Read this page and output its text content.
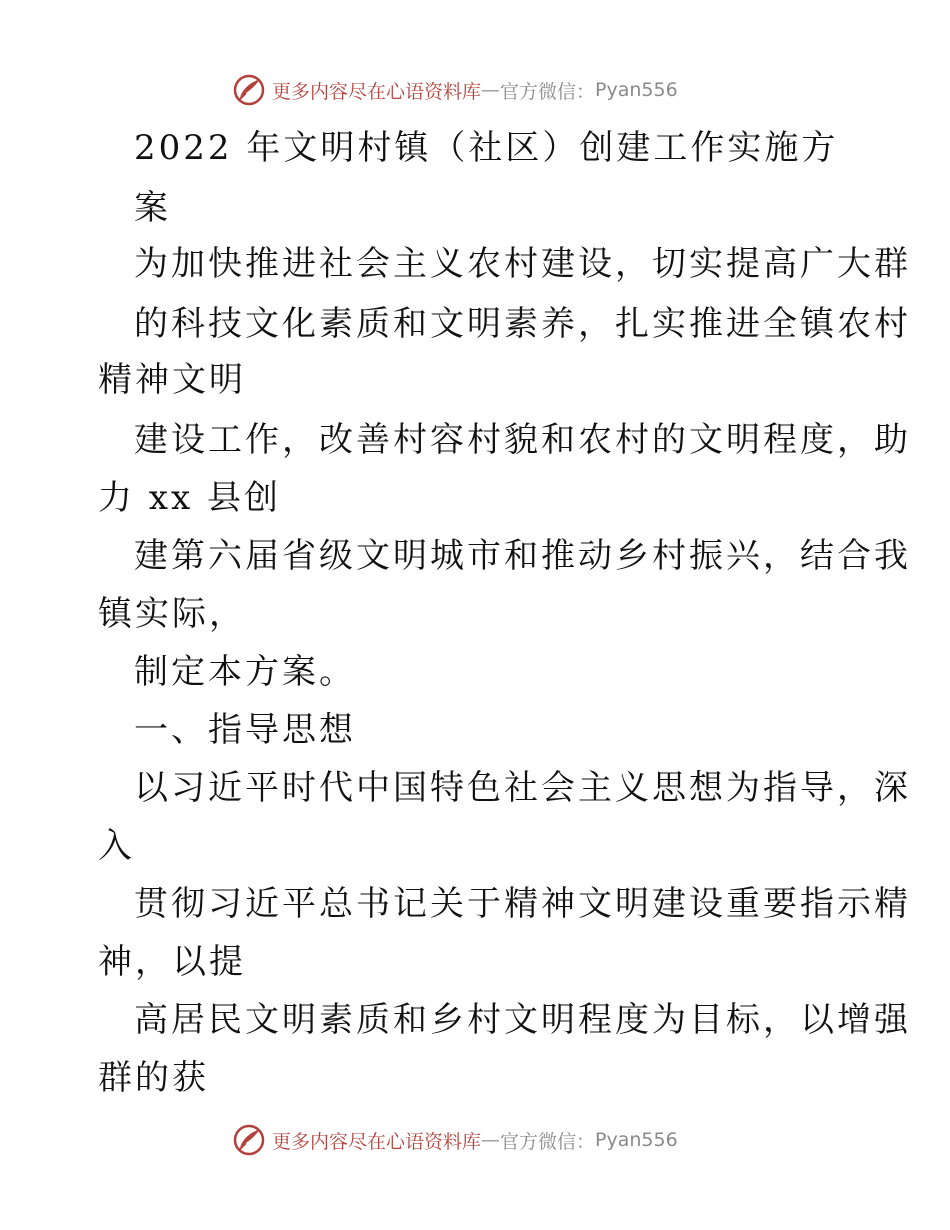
更多内容尽在心语资料库 — 官方微信： Pyan556
2022 年文明村镇（社区）创建工作实施方
案
为加快推进社会主义农村建设，切实提高广大群
的科技文化素质和文明素养，扎实推进全镇农村
精神文明
建设工作，改善村容村貌和农村的文明程度，助
力 xx 县创
建第六届省级文明城市和推动乡村振兴，结合我
镇实际，
制定本方案。
一、指导思想
以习近平时代中国特色社会主义思想为指导，深
入
贯彻习近平总书记关于精神文明建设重要指示精
神，以提
高居民文明素质和乡村文明程度为目标，以增强
群的获
更多内容尽在心语资料库 — 官方微信： Pyan556
